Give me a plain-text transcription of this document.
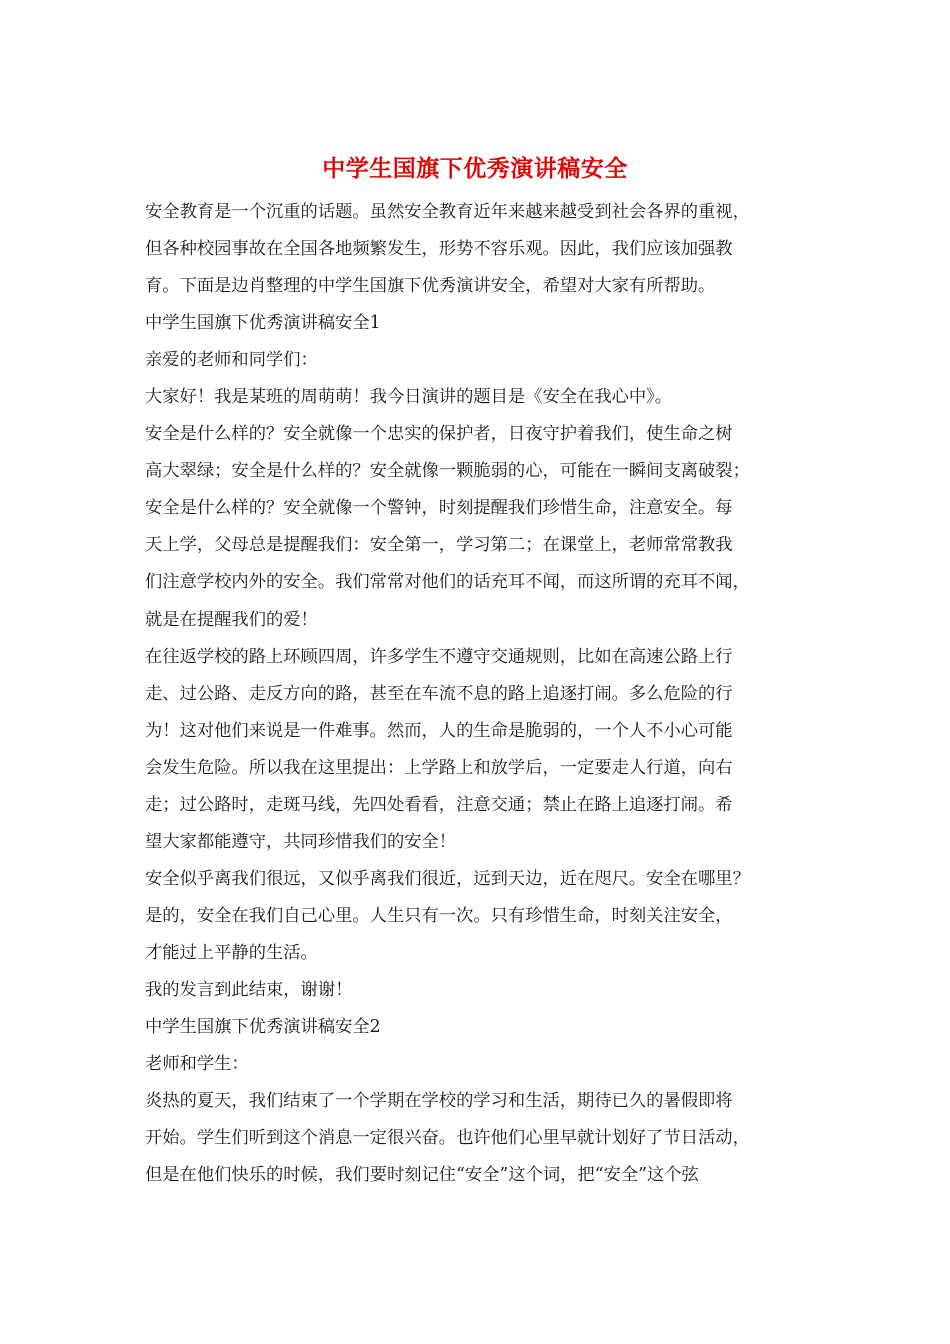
中学生国旗下优秀演讲稿安全
安全教育是一个沉重的话题。虽然安全教育近年来越来越受到社会各界的重视，
但各种校园事故在全国各地频繁发生，形势不容乐观。因此，我们应该加强教
育。下面是边肖整理的中学生国旗下优秀演讲安全，希望对大家有所帮助。
中学生国旗下优秀演讲稿安全1
亲爱的老师和同学们：
大家好！我是某班的周萌萌！我今日演讲的题目是《安全在我心中》。
安全是什么样的？安全就像一个忠实的保护者，日夜守护着我们，使生命之树
高大翠绿；安全是什么样的？安全就像一颗脆弱的心，可能在一瞬间支离破裂；
安全是什么样的？安全就像一个警钟，时刻提醒我们珍惜生命，注意安全。每
天上学，父母总是提醒我们：安全第一，学习第二；在课堂上，老师常常教我
们注意学校内外的安全。我们常常对他们的话充耳不闻，而这所谓的充耳不闻，
就是在提醒我们的爱！
在往返学校的路上环顾四周，许多学生不遵守交通规则，比如在高速公路上行
走、过公路、走反方向的路，甚至在车流不息的路上追逐打闹。多么危险的行
为！这对他们来说是一件难事。然而，人的生命是脆弱的，一个人不小心可能
会发生危险。所以我在这里提出：上学路上和放学后，一定要走人行道，向右
走；过公路时，走斑马线，先四处看看，注意交通；禁止在路上追逐打闹。希
望大家都能遵守，共同珍惜我们的安全！
安全似乎离我们很远，又似乎离我们很近，远到天边，近在咫尺。安全在哪里？
是的，安全在我们自己心里。人生只有一次。只有珍惜生命，时刻关注安全，
才能过上平静的生活。
我的发言到此结束，谢谢！
中学生国旗下优秀演讲稿安全2
老师和学生：
炎热的夏天，我们结束了一个学期在学校的学习和生活，期待已久的暑假即将
开始。学生们听到这个消息一定很兴奋。也许他们心里早就计划好了节日活动，
但是在他们快乐的时候，我们要时刻记住“安全”这个词，把“安全”这个弦
